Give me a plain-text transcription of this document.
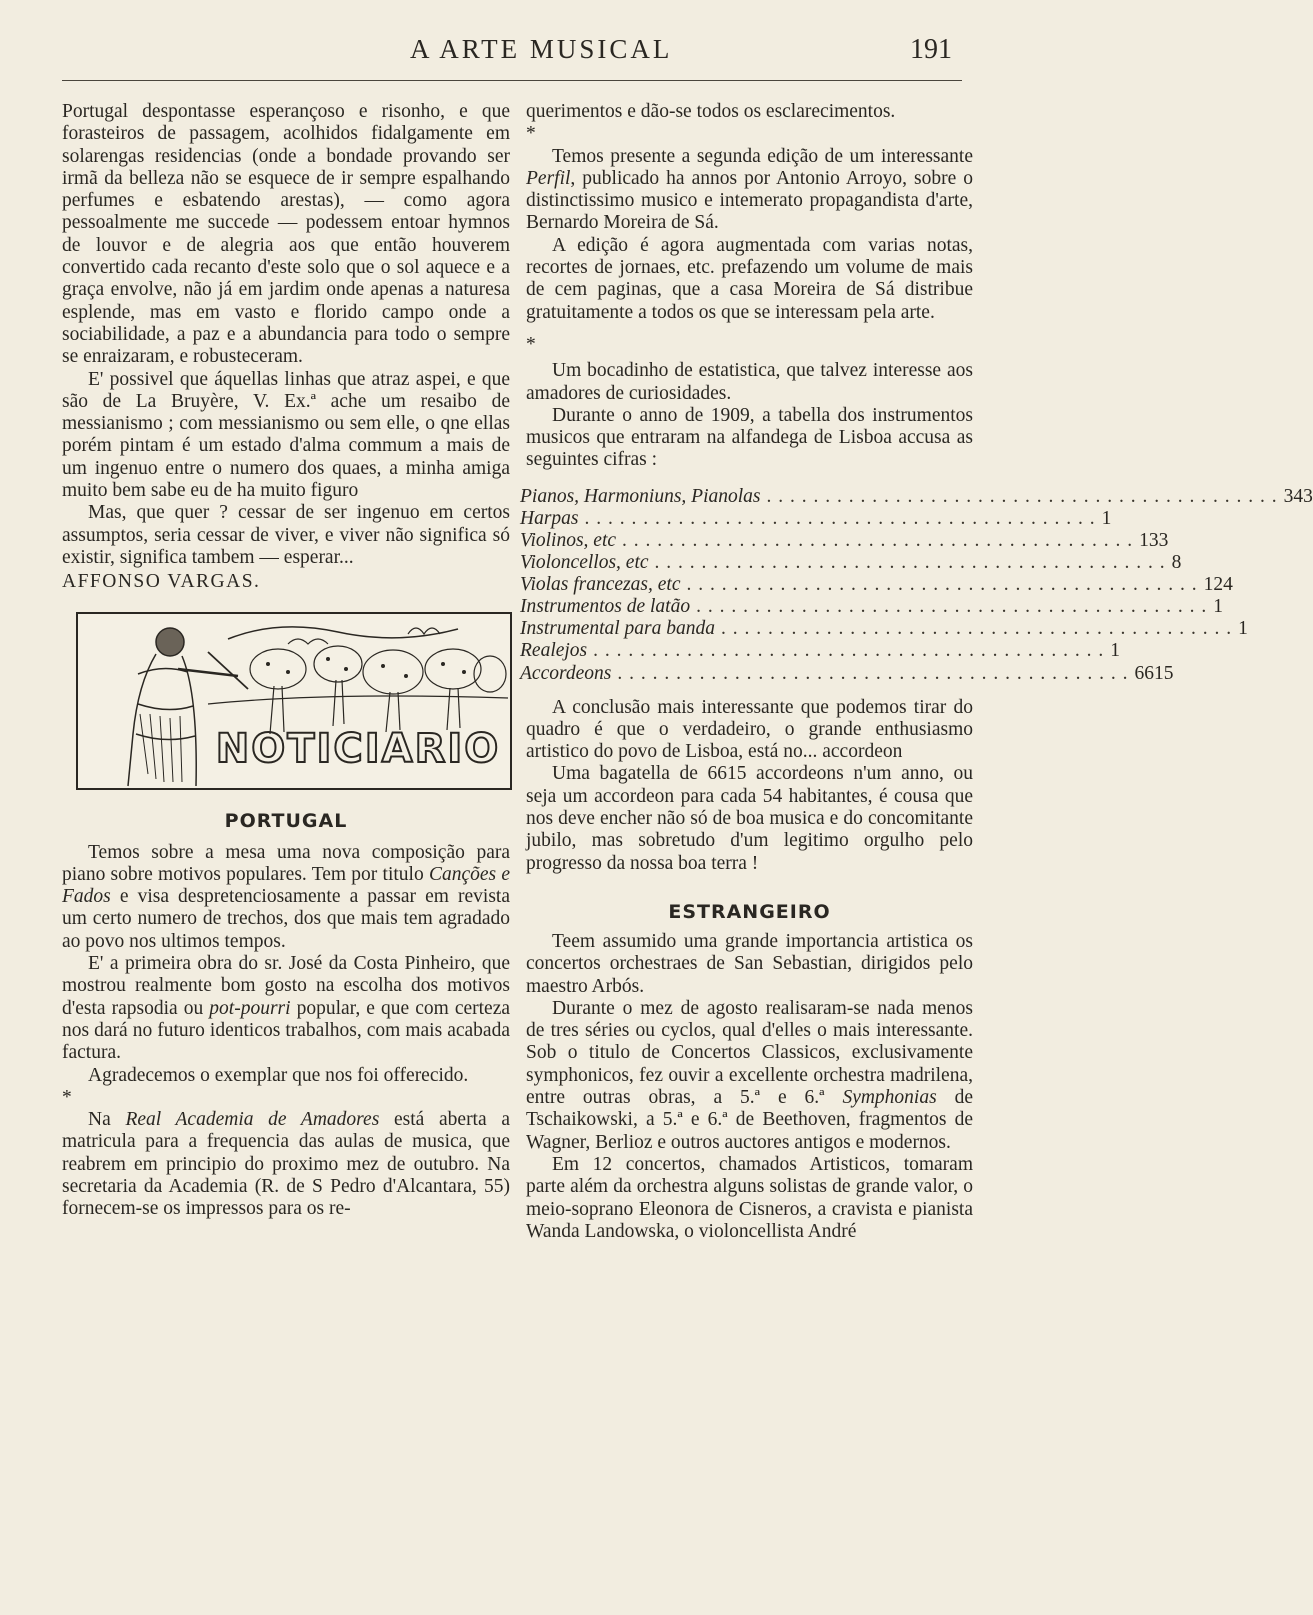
A ARTE MUSICAL	191

Portugal despontasse esperançoso e risonho, e que forasteiros de passagem, acolhidos fidalgamente em solarengas residencias (onde a bondade provando ser irmã da belleza não se esquece de ir sempre espalhando perfumes e esbatendo arestas), — como agora pessoalmente me succede — podessem entoar hymnos de louvor e de alegria aos que então houverem convertido cada recanto d'este solo que o sol aquece e a graça envolve, não já em jardim onde apenas a naturesa esplende, mas em vasto e florido campo onde a sociabilidade, a paz e a abundancia para todo o sempre se enraizaram, e robusteceram.

E' possivel que áquellas linhas que atraz aspei, e que são de La Bruyère, V. Ex.ª ache um resaibo de messianismo ; com messianismo ou sem elle, o qne ellas porém pintam é um estado d'alma commum a mais de um ingenuo entre o numero dos quaes, a minha amiga muito bem sabe eu de ha muito figuro

Mas, que quer ? cessar de ser ingenuo em certos assumptos, seria cessar de viver, e viver não significa só existir, significa tambem — esperar...

AFFONSO VARGAS.

NOTICIARIO
PORTUGAL

Temos sobre a mesa uma nova composição para piano sobre motivos populares. Tem por titulo Canções e Fados e visa despretenciosamente a passar em revista um certo numero de trechos, dos que mais tem agradado ao povo nos ultimos tempos.

E' a primeira obra do sr. José da Costa Pinheiro, que mostrou realmente bom gosto na escolha dos motivos d'esta rapsodia ou pot-pourri popular, e que com certeza nos dará no futuro identicos trabalhos, com mais acabada factura.

Agradecemos o exemplar que nos foi offerecido.

*

Na Real Academia de Amadores está aberta a matricula para a frequencia das aulas de musica, que reabrem em principio do proximo mez de outubro. Na secretaria da Academia (R. de S Pedro d'Alcantara, 55) fornecem-se os impressos para os re-

querimentos e dão-se todos os esclarecimentos.

*

Temos presente a segunda edição de um interessante Perfil, publicado ha annos por Antonio Arroyo, sobre o distinctissimo musico e intemerato propagandista d'arte, Bernardo Moreira de Sá.

A edição é agora augmentada com varias notas, recortes de jornaes, etc. prefazendo um volume de mais de cem paginas, que a casa Moreira de Sá distribue gratuitamente a todos os que se interessam pela arte.

*

Um bocadinho de estatistica, que talvez interesse aos amadores de curiosidades.

Durante o anno de 1909, a tabella dos instrumentos musicos que entraram na alfandega de Lisboa accusa as seguintes cifras :

Pianos, Harmoniuns, Pianolas . . . . . . . . . . . . . . . . . . . . . . . . . . . . . . . . . . . . . . . . . . . . 343
Harpas . . . . . . . . . . . . . . . . . . . . . . . . . . . . . . . . . . . . . . . . . . . . 1
Violinos, etc . . . . . . . . . . . . . . . . . . . . . . . . . . . . . . . . . . . . . . . . . . . . 133
Violoncellos, etc . . . . . . . . . . . . . . . . . . . . . . . . . . . . . . . . . . . . . . . . . . . . 8
Violas francezas, etc . . . . . . . . . . . . . . . . . . . . . . . . . . . . . . . . . . . . . . . . . . . . 124
Instrumentos de latão . . . . . . . . . . . . . . . . . . . . . . . . . . . . . . . . . . . . . . . . . . . . 1
Instrumental para banda . . . . . . . . . . . . . . . . . . . . . . . . . . . . . . . . . . . . . . . . . . . . 1
Realejos . . . . . . . . . . . . . . . . . . . . . . . . . . . . . . . . . . . . . . . . . . . . 1
Accordeons . . . . . . . . . . . . . . . . . . . . . . . . . . . . . . . . . . . . . . . . . . . . 6615

A conclusão mais interessante que podemos tirar do quadro é que o verdadeiro, o grande enthusiasmo artistico do povo de Lisboa, está no... accordeon

Uma bagatella de 6615 accordeons n'um anno, ou seja um accordeon para cada 54 habitantes, é cousa que nos deve encher não só de boa musica e do concomitante jubilo, mas sobretudo d'um legitimo orgulho pelo progresso da nossa boa terra !

ESTRANGEIRO

Teem assumido uma grande importancia artistica os concertos orchestraes de San Sebastian, dirigidos pelo maestro Arbós.

Durante o mez de agosto realisaram-se nada menos de tres séries ou cyclos, qual d'elles o mais interessante. Sob o titulo de Concertos Classicos, exclusivamente symphonicos, fez ouvir a excellente orchestra madrilena, entre outras obras, a 5.ª e 6.ª Symphonias de Tschaikowski, a 5.ª e 6.ª de Beethoven, fragmentos de Wagner, Berlioz e outros auctores antigos e modernos.

Em 12 concertos, chamados Artisticos, tomaram parte além da orchestra alguns solistas de grande valor, o meio-soprano Eleonora de Cisneros, a cravista e pianista Wanda Landowska, o violoncellista André
